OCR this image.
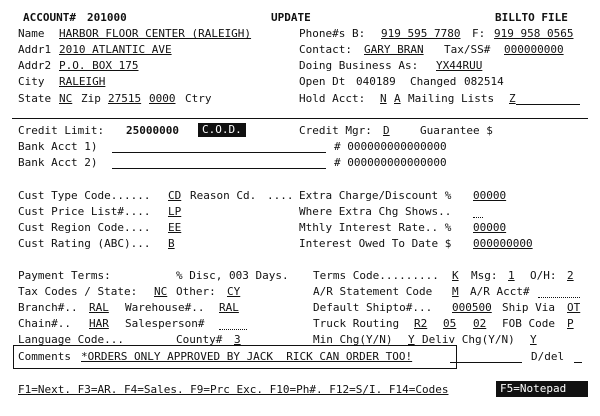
ACCOUNT# 201000	UPDATE	BILLTO FILE
Name HARBOR FLOOR CENTER (RALEIGH)
Addr1 2010 ATLANTIC AVE
Addr2 P.O. BOX 175
City RALEIGH
State NC Zip 27515 0000 Ctry
Phone#s B: 919 595 7780 F: 919 958 0565
Contact: GARY BRAN Tax/SS# 000000000
Doing Business As: YX44RUU
Open Dt 040189 Changed 082514
Hold Acct: N A Mailing Lists Z
Credit Limit: 25000000	C.O.D.	Credit Mgr: D	Guarantee $
Bank Acct 1)	# 000000000000000
Bank Acct 2)	# 000000000000000
Cust Type Code...... CD Reason Cd. ....
Cust Price List#.... LP
Cust Region Code.... EE
Cust Rating (ABC)... B
Extra Charge/Discount % 00000
Where Extra Chg Shows..
Mthly Interest Rate.. % 00000
Interest Owed To Date $ 000000000
Payment Terms:	% Disc, 003 Days. Terms Code......... K Msg: 1 O/H: 2
Tax Codes / State: NC Other: CY	A/R Statement Code M A/R Acct#
Branch#.. RAL Warehouse#.. RAL	Default Shipto#... 000500 Ship Via OT
Chain#.. HAR Salesperson#	Truck Routing R2 05 02 FOB Code P
Language Code...	County# 3	Min Chg(Y/N) Y Deliv Chg(Y/N) Y
Comments *ORDERS ONLY APPROVED BY JACK  RICK CAN ORDER TOO!	D/del
F1=Next. F3=AR. F4=Sales. F9=Prc Exc. F10=Ph#. F12=S/I. F14=Codes	F5=Notepad
